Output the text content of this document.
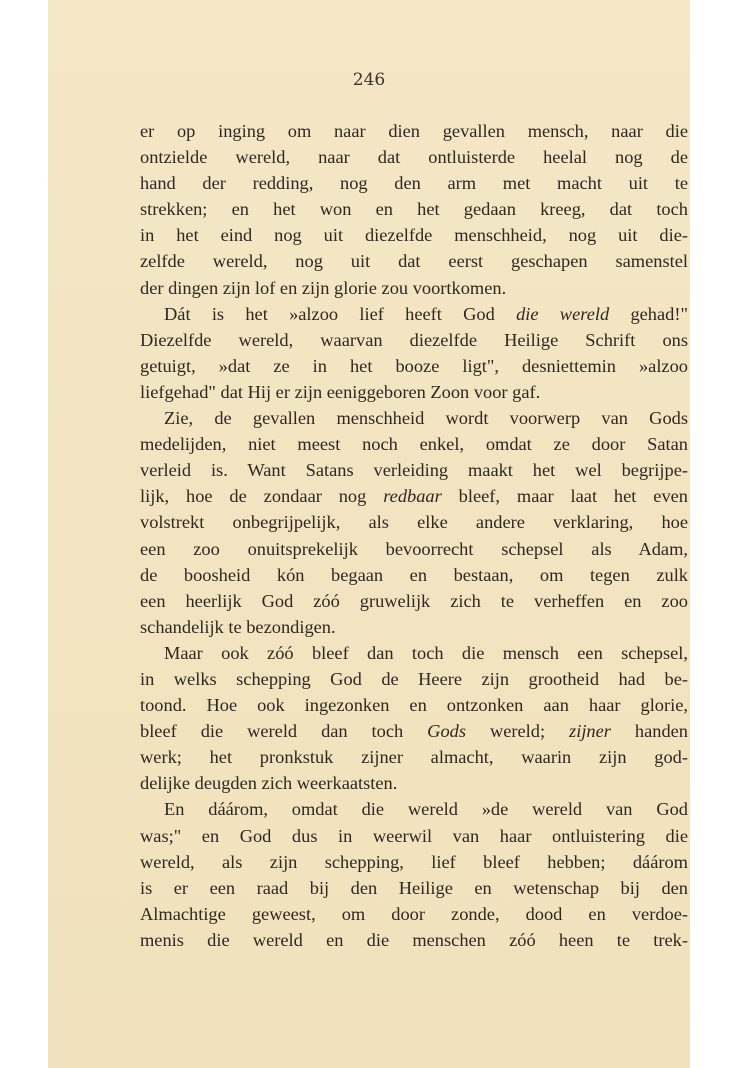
246
er op inging om naar dien gevallen mensch, naar die
ontzielde wereld, naar dat ontluisterde heelal nog de
hand der redding, nog den arm met macht uit te
strekken; en het won en het gedaan kreeg, dat toch
in het eind nog uit diezelfde menschheid, nog uit die-
zelfde wereld, nog uit dat eerst geschapen samenstel
der dingen zijn lof en zijn glorie zou voortkomen.
Dát is het »alzoo lief heeft God die wereld gehad!"
Diezelfde wereld, waarvan diezelfde Heilige Schrift ons
getuigt, »dat ze in het booze ligt", desniettemin »alzoo
liefgehad" dat Hij er zijn eeniggeboren Zoon voor gaf.
Zie, de gevallen menschheid wordt voorwerp van Gods
medelijden, niet meest noch enkel, omdat ze door Satan
verleid is. Want Satans verleiding maakt het wel begrijpe-
lijk, hoe de zondaar nog redbaar bleef, maar laat het even
volstrekt onbegrijpelijk, als elke andere verklaring, hoe
een zoo onuitsprekelijk bevoorrecht schepsel als Adam,
de boosheid kón begaan en bestaan, om tegen zulk
een heerlijk God zóó gruwelijk zich te verheffen en zoo
schandelijk te bezondigen.
Maar ook zóó bleef dan toch die mensch een schepsel,
in welks schepping God de Heere zijn grootheid had be-
toond. Hoe ook ingezonken en ontzonken aan haar glorie,
bleef die wereld dan toch Gods wereld; zijner handen
werk; het pronkstuk zijner almacht, waarin zijn god-
delijke deugden zich weerkaatsten.
En dáárom, omdat die wereld »de wereld van God
was;" en God dus in weerwil van haar ontluistering die
wereld, als zijn schepping, lief bleef hebben; dáárom
is er een raad bij den Heilige en wetenschap bij den
Almachtige geweest, om door zonde, dood en verdoe-
menis die wereld en die menschen zóó heen te trek-
